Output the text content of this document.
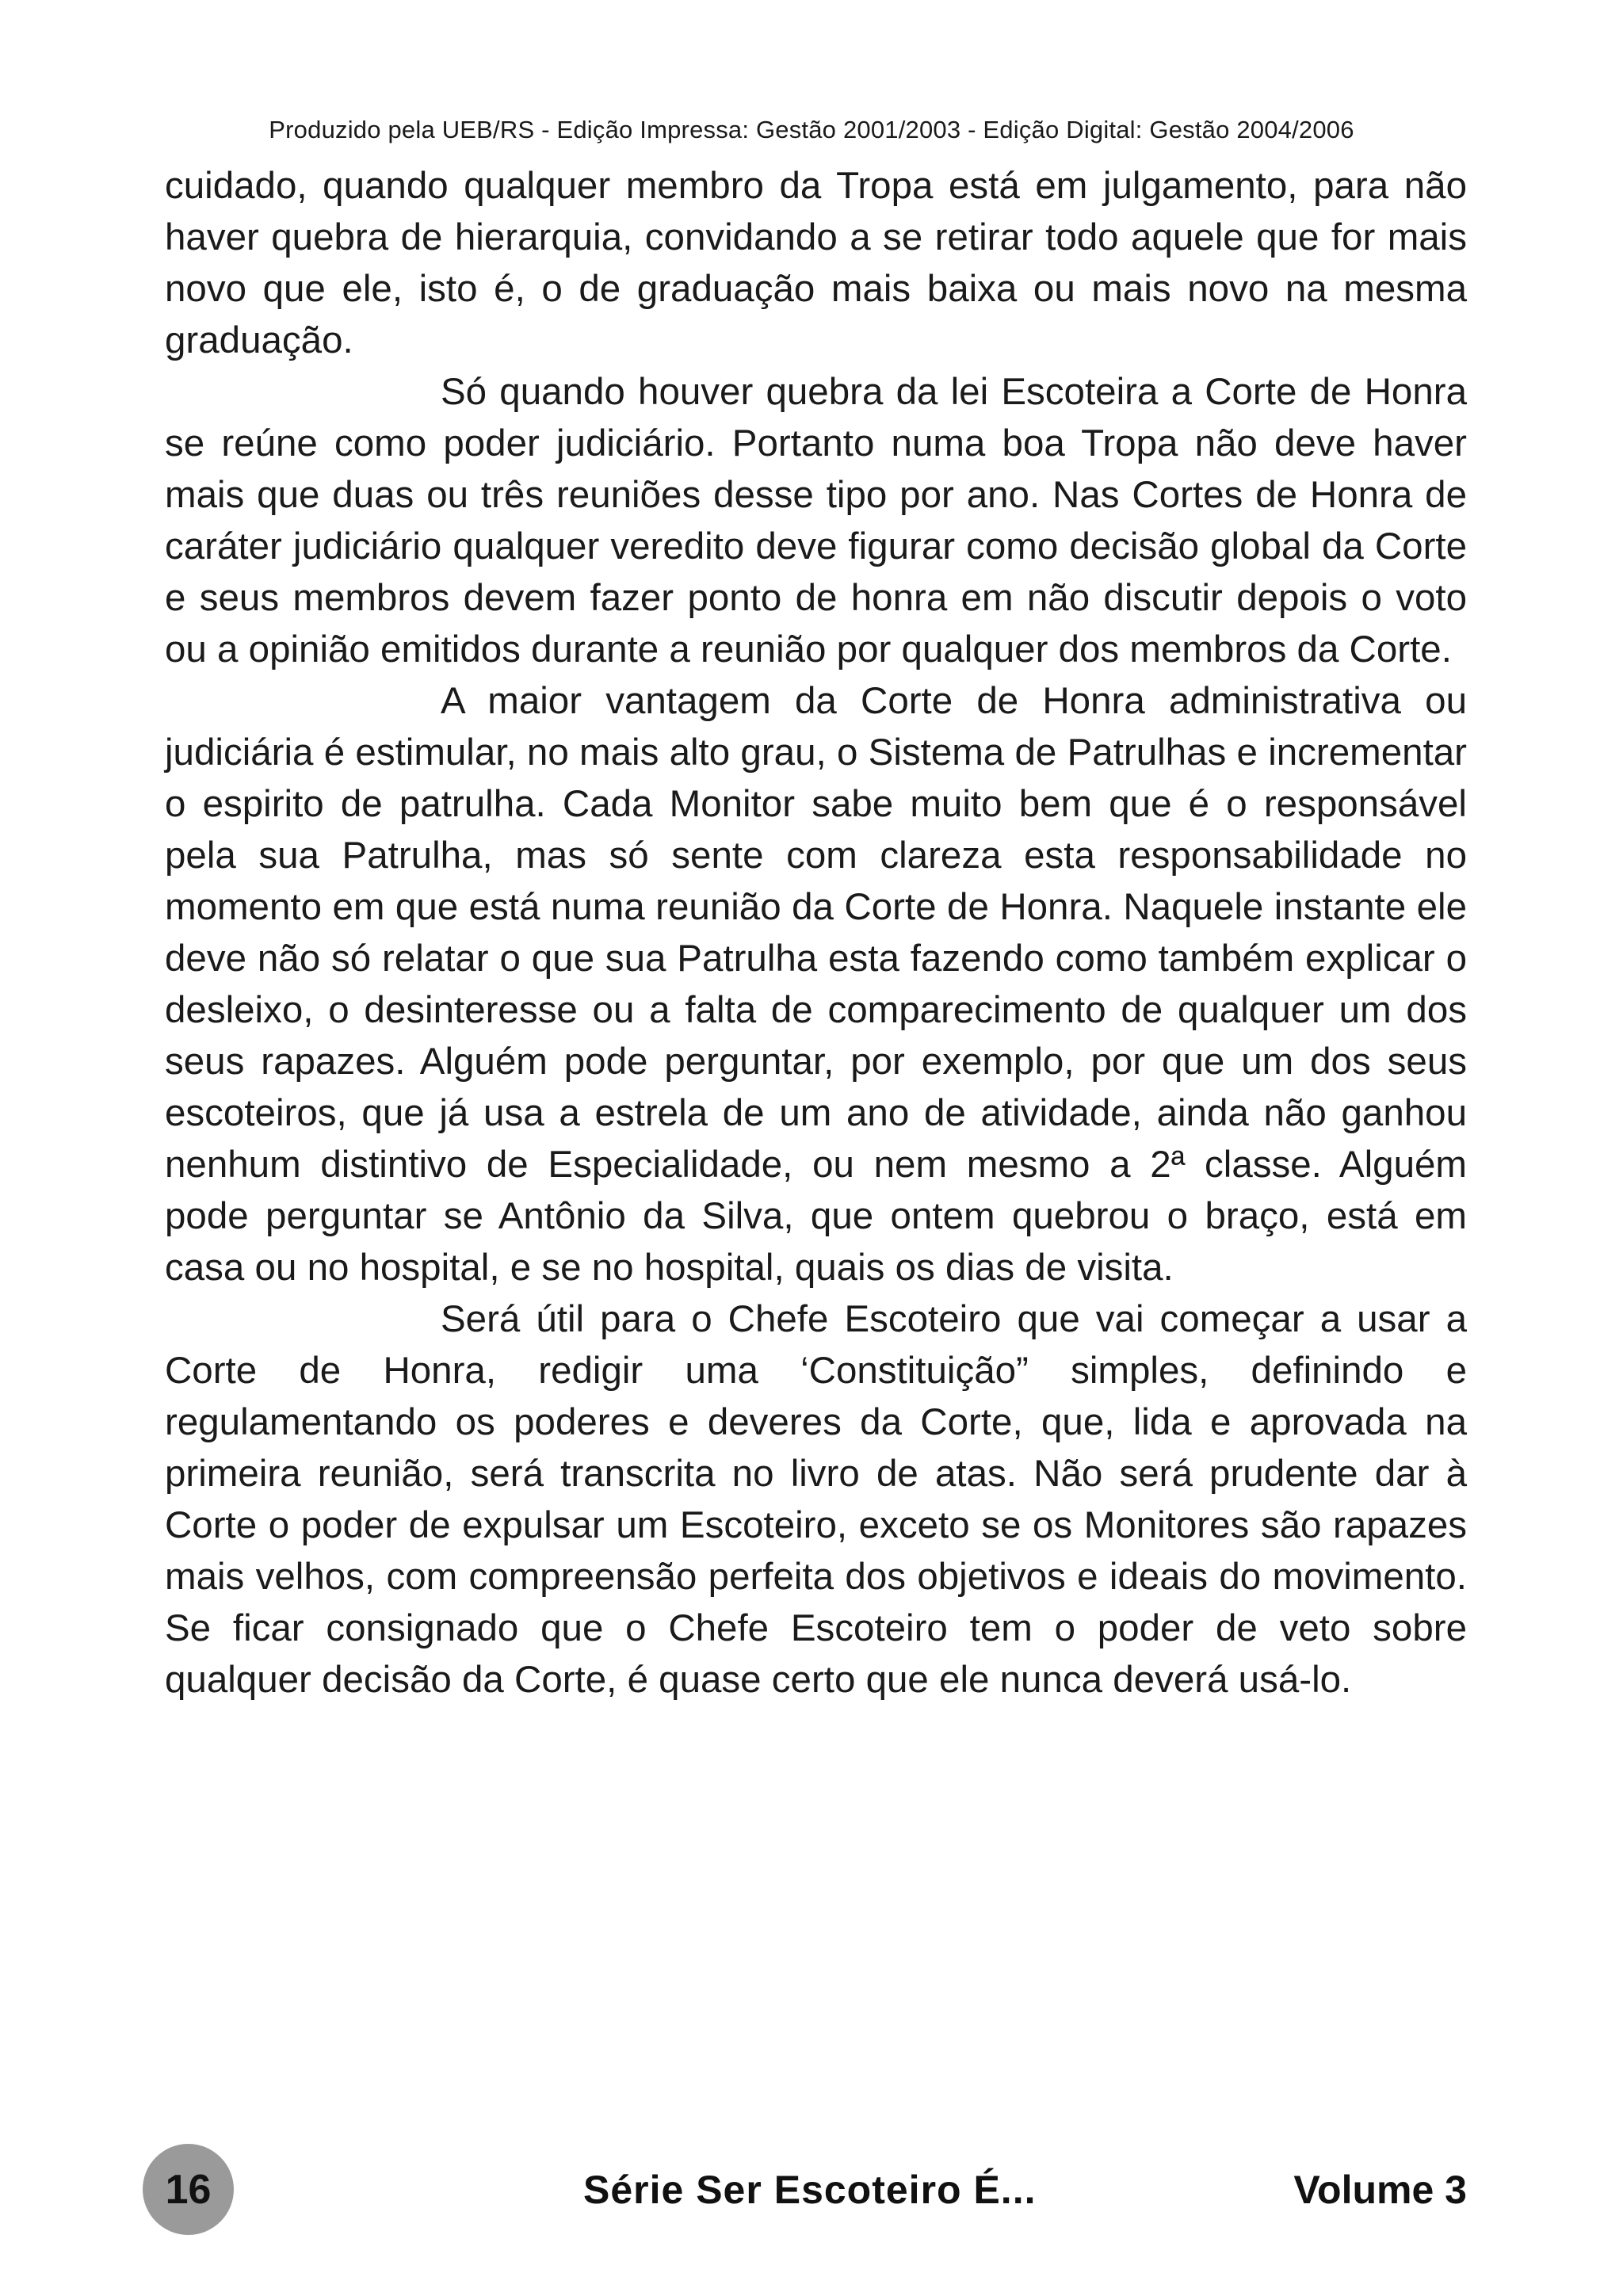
Produzido pela UEB/RS - Edição Impressa: Gestão 2001/2003 - Edição Digital: Gestão 2004/2006

cuidado, quando qualquer membro da Tropa está em julgamento, para não haver quebra de hierarquia, convidando a se retirar todo aquele que for mais novo que ele, isto é, o de graduação mais baixa ou mais novo na mesma graduação.

Só quando houver quebra da lei Escoteira a Corte de Honra se reúne como poder judiciário. Portanto numa boa Tropa não deve haver mais que duas ou três reuniões desse tipo por ano. Nas Cortes de Honra de caráter judiciário qualquer veredito deve figurar como decisão global da Corte e seus membros devem fazer ponto de honra em não discutir depois o voto ou a opinião emitidos durante a reunião por qualquer dos membros da Corte.

A maior vantagem da Corte de Honra administrativa ou judiciária é estimular, no mais alto grau, o Sistema de Patrulhas e incrementar o espirito de patrulha. Cada Monitor sabe muito bem que é o responsável pela sua Patrulha, mas só sente com clareza esta responsabilidade no momento em que está numa reunião da Corte de Honra. Naquele instante ele deve não só relatar o que sua Patrulha esta fazendo como também explicar o desleixo, o desinteresse ou a falta de comparecimento de qualquer um dos seus rapazes. Alguém pode perguntar, por exemplo, por que um dos seus escoteiros, que já usa a estrela de um ano de atividade, ainda não ganhou nenhum distintivo de Especialidade, ou nem mesmo a 2ª classe. Alguém pode perguntar se Antônio da Silva, que ontem quebrou o braço, está em casa ou no hospital, e se no hospital, quais os dias de visita.

Será útil para o Chefe Escoteiro que vai começar a usar a Corte de Honra, redigir uma ‘Constituição” simples, definindo e regulamentando os poderes e deveres da Corte, que, lida e aprovada na primeira reunião, será transcrita no livro de atas. Não será prudente dar à Corte o poder de expulsar um Escoteiro, exceto se os Monitores são rapazes mais velhos, com compreensão perfeita dos objetivos e ideais do movimento. Se ficar consignado que o Chefe Escoteiro tem o poder de veto sobre qualquer decisão da Corte, é quase certo que ele nunca deverá usá-lo.

16	Série Ser Escoteiro É...	Volume 3
